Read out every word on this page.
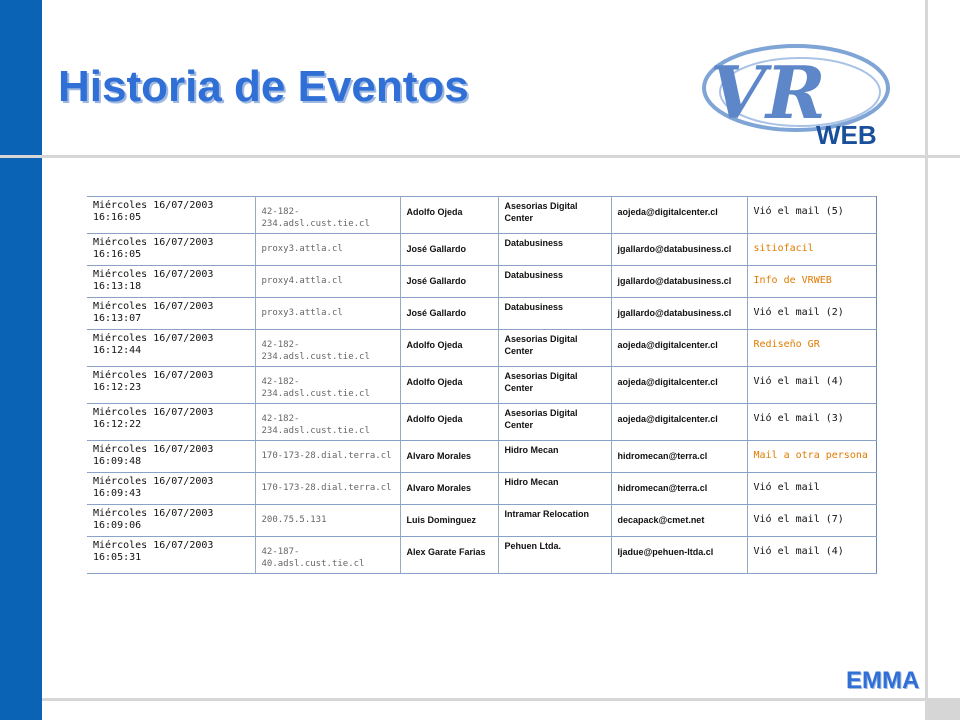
Historia de Eventos	VR
WEB
Miércoles 16/07/2003
16:16:05	42-182-234.adsl.cust.tie.cl	Adolfo Ojeda	Asesorias Digital Center	aojeda@digitalcenter.cl	Vió el mail (5)

Miércoles 16/07/2003
16:16:05	proxy3.attla.cl	José Gallardo	Databusiness	jgallardo@databusiness.cl	sitiofacil

Miércoles 16/07/2003
16:13:18	proxy4.attla.cl	José Gallardo	Databusiness	jgallardo@databusiness.cl	Info de VRWEB

Miércoles 16/07/2003
16:13:07	proxy3.attla.cl	José Gallardo	Databusiness	jgallardo@databusiness.cl	Vió el mail (2)

Miércoles 16/07/2003
16:12:44	42-182-234.adsl.cust.tie.cl	Adolfo Ojeda	Asesorias Digital Center	aojeda@digitalcenter.cl	Rediseño GR

Miércoles 16/07/2003
16:12:23	42-182-234.adsl.cust.tie.cl	Adolfo Ojeda	Asesorias Digital Center	aojeda@digitalcenter.cl	Vió el mail (4)

Miércoles 16/07/2003
16:12:22	42-182-234.adsl.cust.tie.cl	Adolfo Ojeda	Asesorias Digital Center	aojeda@digitalcenter.cl	Vió el mail (3)

Miércoles 16/07/2003
16:09:48	170-173-28.dial.terra.cl	Alvaro Morales	Hidro Mecan	hidromecan@terra.cl	Mail a otra persona

Miércoles 16/07/2003
16:09:43	170-173-28.dial.terra.cl	Alvaro Morales	Hidro Mecan	hidromecan@terra.cl	Vió el mail

Miércoles 16/07/2003
16:09:06	200.75.5.131	Luis Dominguez	Intramar Relocation	decapack@cmet.net	Vió el mail (7)

Miércoles 16/07/2003
16:05:31	42-187-40.adsl.cust.tie.cl	Alex Garate Farias	Pehuen Ltda.	ljadue@pehuen-ltda.cl	Vió el mail (4)
EMMA
